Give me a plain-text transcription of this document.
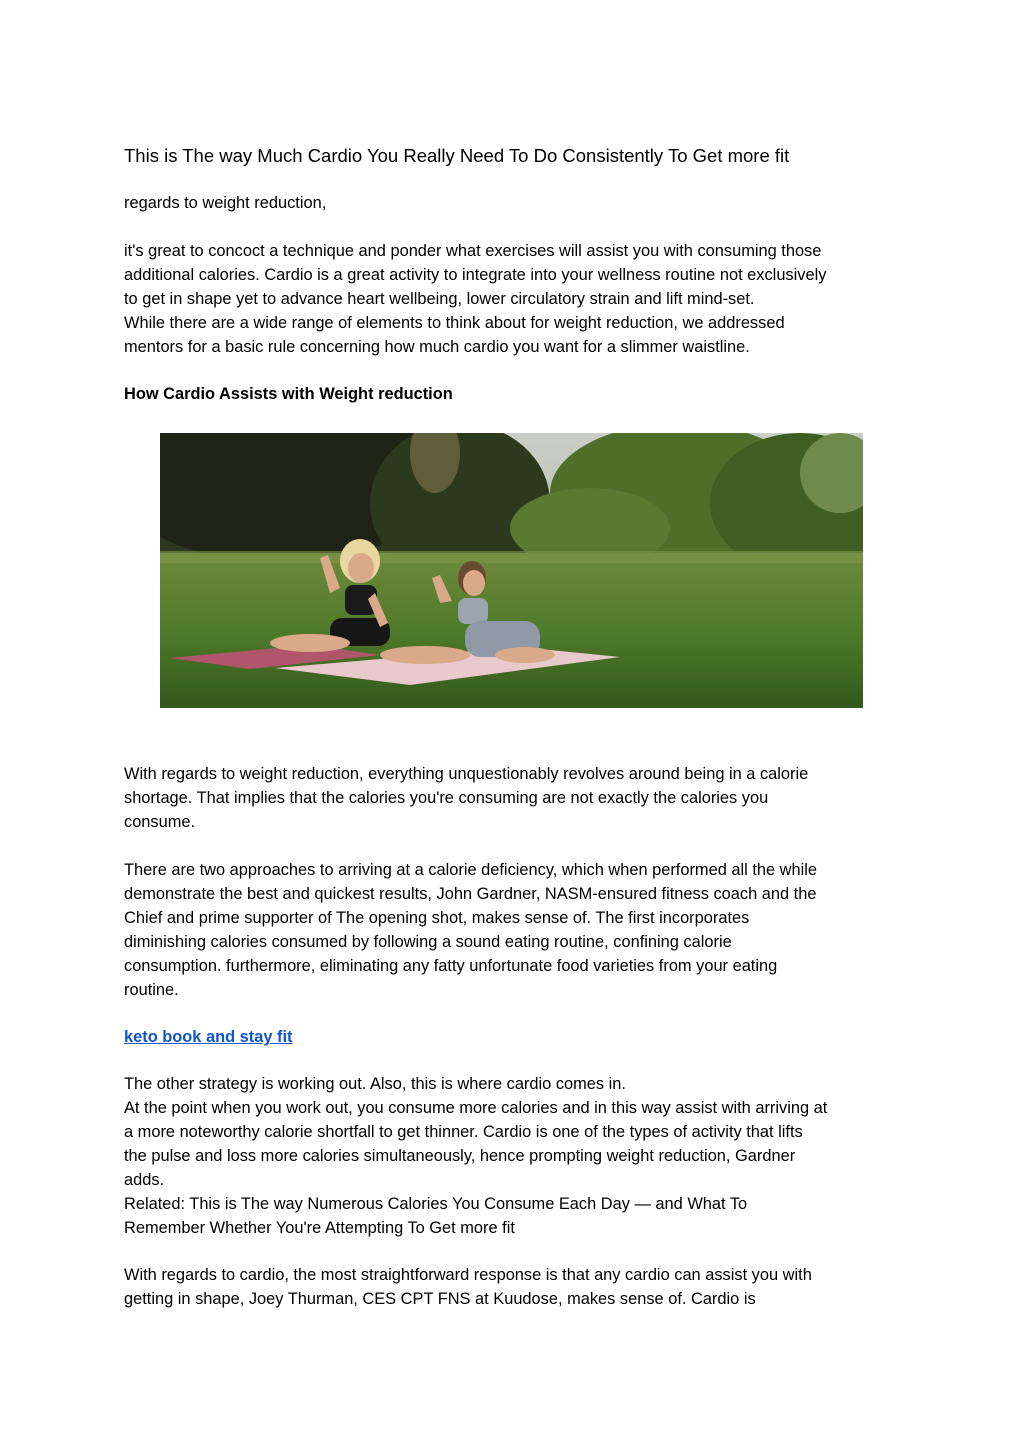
This is The way Much Cardio You Really Need To Do Consistently To Get more fit

regards to weight reduction,

it's great to concoct a technique and ponder what exercises will assist you with consuming those
additional calories. Cardio is a great activity to integrate into your wellness routine not exclusively
to get in shape yet to advance heart wellbeing, lower circulatory strain and lift mind-set.
While there are a wide range of elements to think about for weight reduction, we addressed
mentors for a basic rule concerning how much cardio you want for a slimmer waistline.

How Cardio Assists with Weight reduction

With regards to weight reduction, everything unquestionably revolves around being in a calorie
shortage. That implies that the calories you're consuming are not exactly the calories you
consume.

There are two approaches to arriving at a calorie deficiency, which when performed all the while
demonstrate the best and quickest results, John Gardner, NASM-ensured fitness coach and the
Chief and prime supporter of The opening shot, makes sense of. The first incorporates
diminishing calories consumed by following a sound eating routine, confining calorie
consumption. furthermore, eliminating any fatty unfortunate food varieties from your eating
routine.

keto book and stay fit

The other strategy is working out. Also, this is where cardio comes in.
At the point when you work out, you consume more calories and in this way assist with arriving at
a more noteworthy calorie shortfall to get thinner. Cardio is one of the types of activity that lifts
the pulse and loss more calories simultaneously, hence prompting weight reduction, Gardner
adds.
Related: This is The way Numerous Calories You Consume Each Day — and What To
Remember Whether You're Attempting To Get more fit

With regards to cardio, the most straightforward response is that any cardio can assist you with
getting in shape, Joey Thurman, CES CPT FNS at Kuudose, makes sense of. Cardio is
